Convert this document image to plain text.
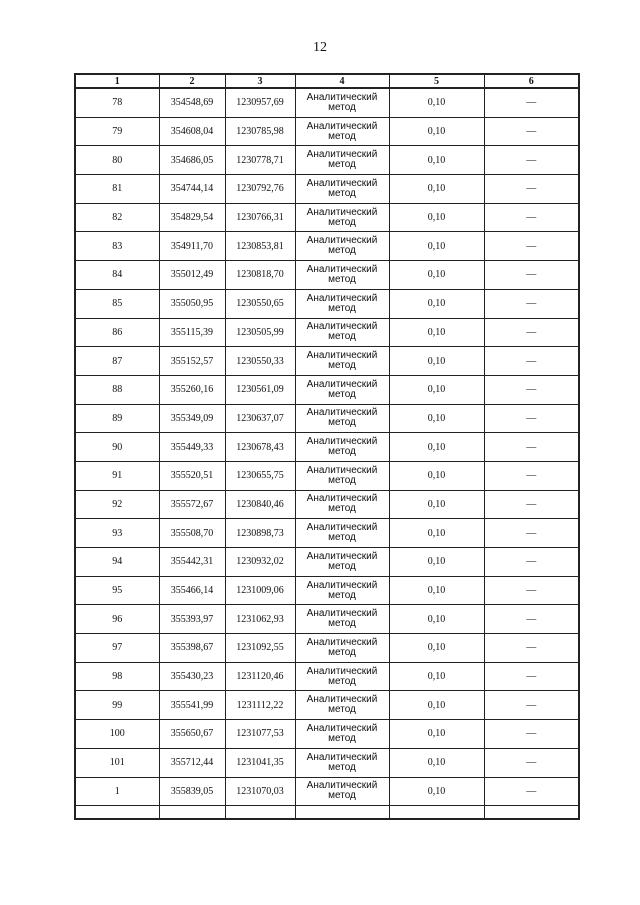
12
1	2	3	4	5	6
78	354548,69	1230957,69	Аналитический метод	0,10	—
79	354608,04	1230785,98	Аналитический метод	0,10	—
80	354686,05	1230778,71	Аналитический метод	0,10	—
81	354744,14	1230792,76	Аналитический метод	0,10	—
82	354829,54	1230766,31	Аналитический метод	0,10	—
83	354911,70	1230853,81	Аналитический метод	0,10	—
84	355012,49	1230818,70	Аналитический метод	0,10	—
85	355050,95	1230550,65	Аналитический метод	0,10	—
86	355115,39	1230505,99	Аналитический метод	0,10	—
87	355152,57	1230550,33	Аналитический метод	0,10	—
88	355260,16	1230561,09	Аналитический метод	0,10	—
89	355349,09	1230637,07	Аналитический метод	0,10	—
90	355449,33	1230678,43	Аналитический метод	0,10	—
91	355520,51	1230655,75	Аналитический метод	0,10	—
92	355572,67	1230840,46	Аналитический метод	0,10	—
93	355508,70	1230898,73	Аналитический метод	0,10	—
94	355442,31	1230932,02	Аналитический метод	0,10	—
95	355466,14	1231009,06	Аналитический метод	0,10	—
96	355393,97	1231062,93	Аналитический метод	0,10	—
97	355398,67	1231092,55	Аналитический метод	0,10	—
98	355430,23	1231120,46	Аналитический метод	0,10	—
99	355541,99	1231112,22	Аналитический метод	0,10	—
100	355650,67	1231077,53	Аналитический метод	0,10	—
101	355712,44	1231041,35	Аналитический метод	0,10	—
1	355839,05	1231070,03	Аналитический метод	0,10	—
